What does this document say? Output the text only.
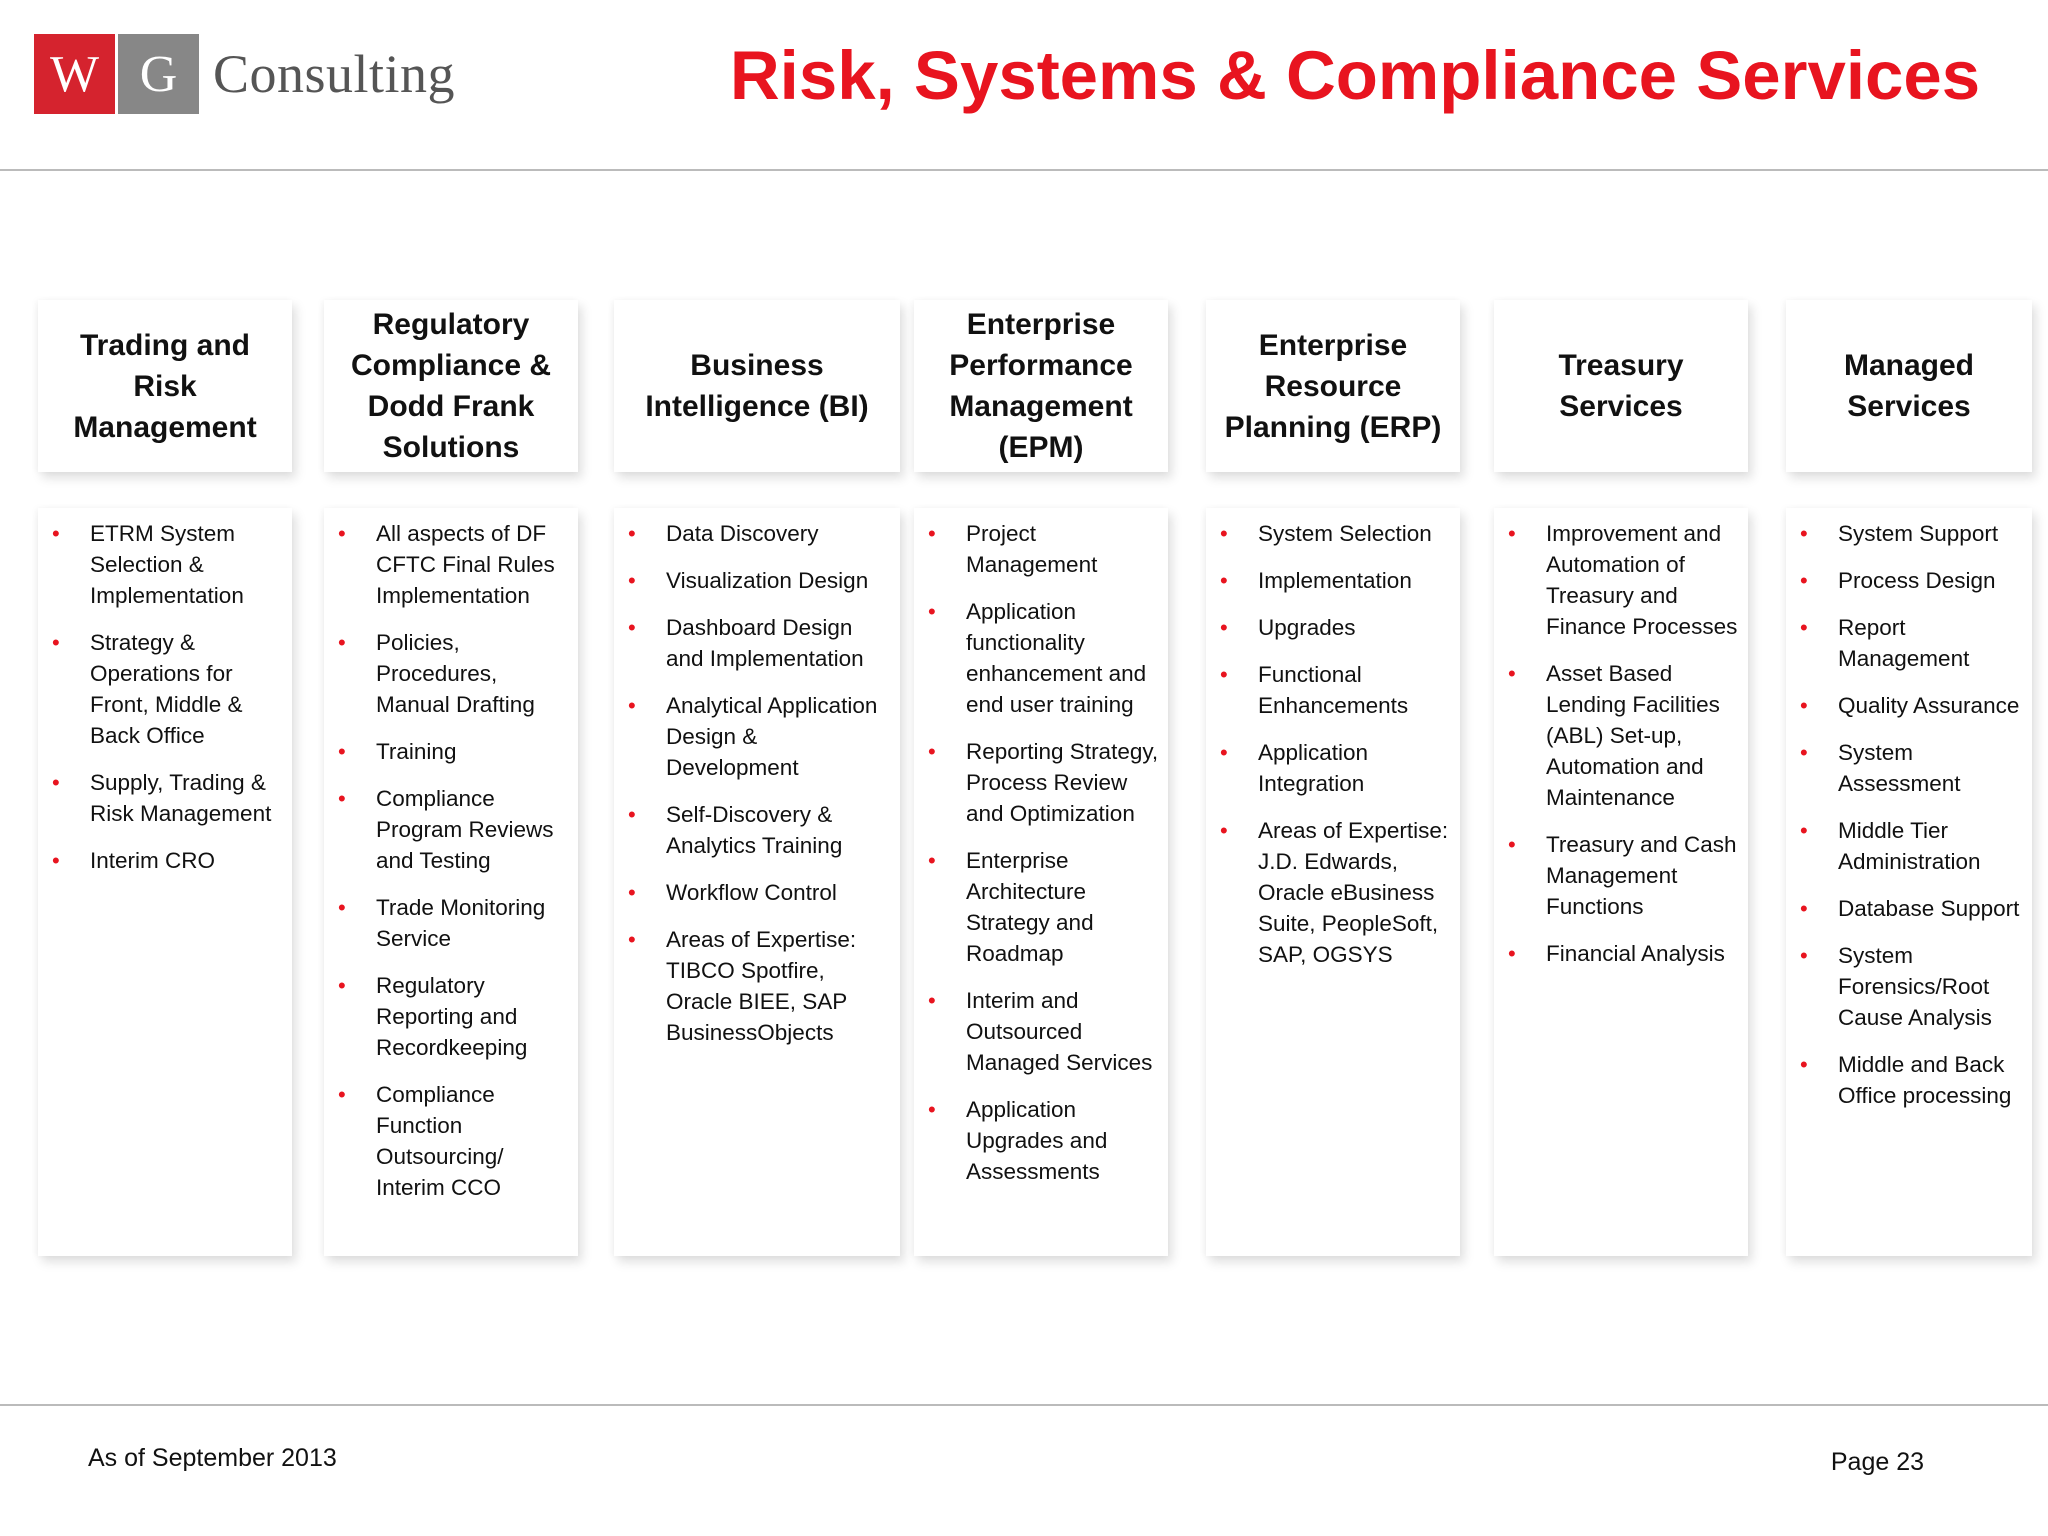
W G Consulting	Risk, Systems & Compliance Services
Trading and Risk Management
• ETRM System Selection & Implementation
• Strategy & Operations for Front, Middle & Back Office
• Supply, Trading & Risk Management
• Interim CRO
Regulatory Compliance & Dodd Frank Solutions
• All aspects of DF CFTC Final Rules Implementation
• Policies, Procedures, Manual Drafting
• Training
• Compliance Program Reviews and Testing
• Trade Monitoring Service
• Regulatory Reporting and Recordkeeping
• Compliance Function Outsourcing/ Interim CCO
Business Intelligence (BI)
• Data Discovery
• Visualization Design
• Dashboard Design and Implementation
• Analytical Application Design & Development
• Self-Discovery & Analytics Training
• Workflow Control
• Areas of Expertise: TIBCO Spotfire, Oracle BIEE, SAP BusinessObjects
Enterprise Performance Management (EPM)
• Project Management
• Application functionality enhancement and end user training
• Reporting Strategy, Process Review and Optimization
• Enterprise Architecture Strategy and Roadmap
• Interim and Outsourced Managed Services
• Application Upgrades and Assessments
Enterprise Resource Planning (ERP)
• System Selection
• Implementation
• Upgrades
• Functional Enhancements
• Application Integration
• Areas of Expertise: J.D. Edwards, Oracle eBusiness Suite, PeopleSoft, SAP, OGSYS
Treasury Services
• Improvement and Automation of Treasury and Finance Processes
• Asset Based Lending Facilities (ABL) Set-up, Automation and Maintenance
• Treasury and Cash Management Functions
• Financial Analysis
Managed Services
• System Support
• Process Design
• Report Management
• Quality Assurance
• System Assessment
• Middle Tier Administration
• Database Support
• System Forensics/Root Cause Analysis
• Middle and Back Office processing
As of September 2013	Page 23
